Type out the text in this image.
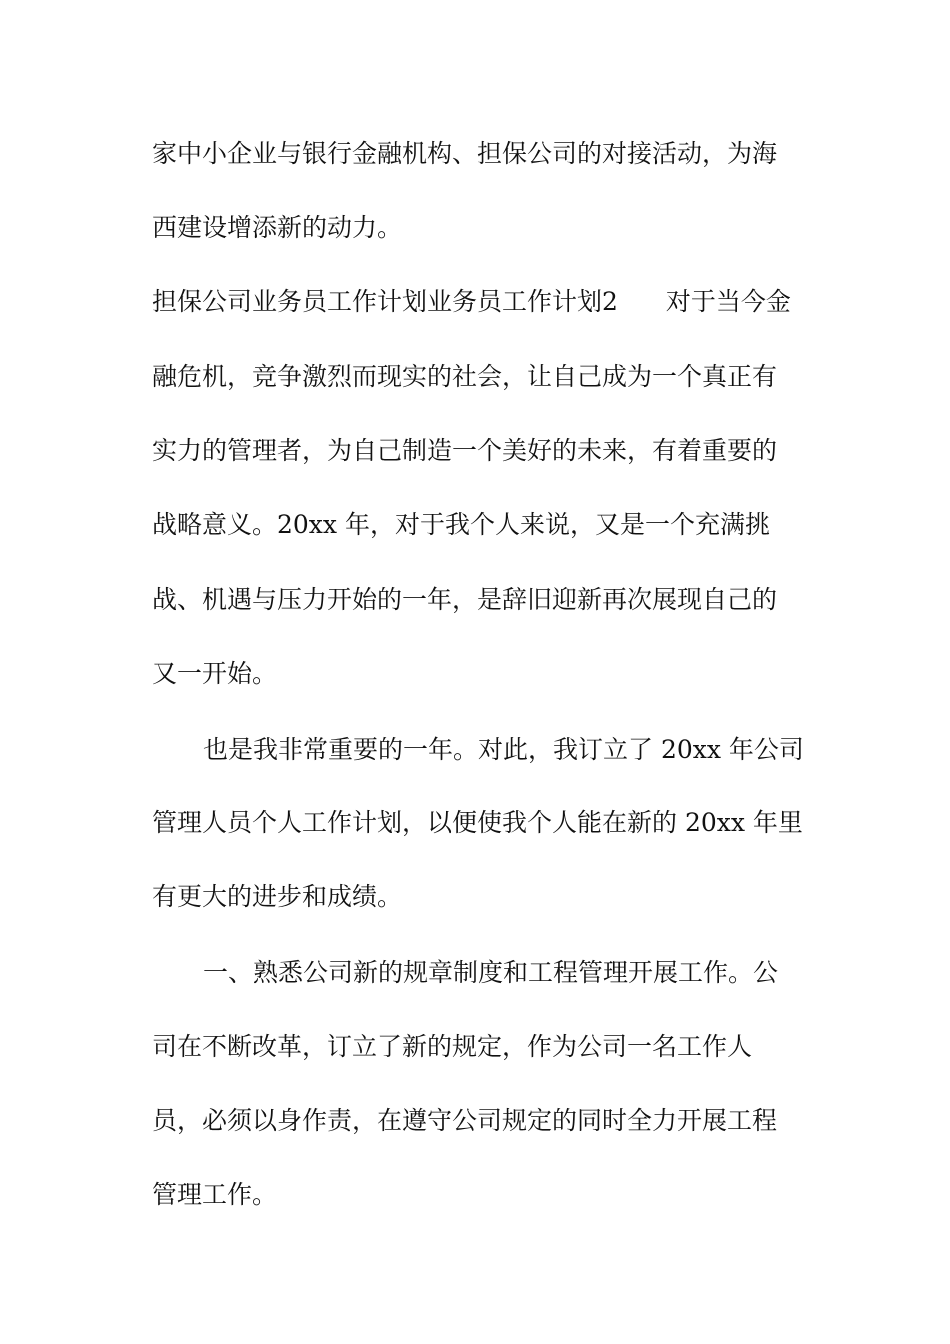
家中小企业与银行金融机构、担保公司的对接活动，为海
西建设增添新的动力。
担保公司业务员工作计划业务员工作计划2 对于当今金
融危机，竞争激烈而现实的社会，让自己成为一个真正有
实力的管理者，为自己制造一个美好的未来，有着重要的
战略意义。20xx 年，对于我个人来说，又是一个充满挑
战、机遇与压力开始的一年，是辞旧迎新再次展现自己的
又一开始。
也是我非常重要的一年。对此，我订立了 20xx 年公司
管理人员个人工作计划，以便使我个人能在新的 20xx 年里
有更大的进步和成绩。
一、熟悉公司新的规章制度和工程管理开展工作。公
司在不断改革，订立了新的规定，作为公司一名工作人
员，必须以身作责，在遵守公司规定的同时全力开展工程
管理工作。
